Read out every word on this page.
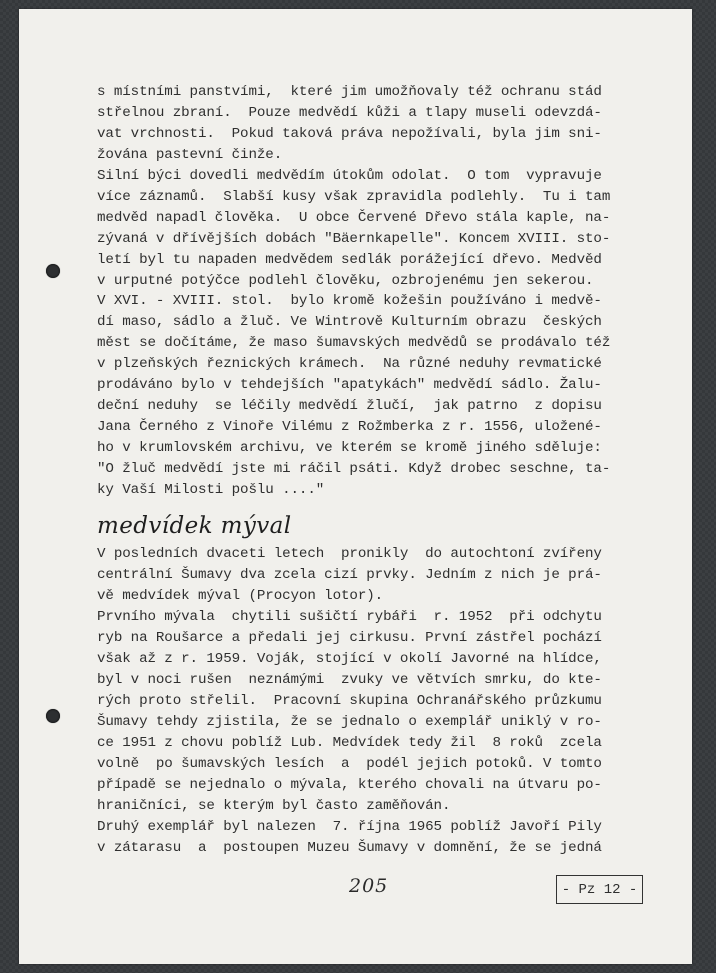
s místními panstvími,  které jim umožňovaly též ochranu stád
střelnou zbraní.  Pouze medvědí kůži a tlapy museli odevzdá-
vat vrchnosti.  Pokud taková práva nepožívali, byla jim sni-
žována pastevní činže.
Silní býci dovedli medvědím útokům odolat.  O tom  vypravuje
více záznamů.  Slabší kusy však zpravidla podlehly.  Tu i tam
medvěd napadl člověka.  U obce Červené Dřevo stála kaple, na-
zývaná v dřívějších dobách "Bäernkapelle". Koncem XVIII. sto-
letí byl tu napaden medvědem sedlák porážející dřevo. Medvěd
v urputné potýčce podlehl člověku, ozbrojenému jen sekerou.
V XVI. - XVIII. stol.  bylo kromě kožešin používáno i medvě-
dí maso, sádlo a žluč. Ve Wintrově Kulturním obrazu  českých
měst se dočítáme, že maso šumavských medvědů se prodávalo též
v plzeňských řeznických krámech.  Na různé neduhy revmatické
prodáváno bylo v tehdejších "apatykách" medvědí sádlo. Žalu-
deční neduhy  se léčily medvědí žlučí,  jak patrno  z dopisu
Jana Černého z Vinoře Vilému z Rožmberka z r. 1556, uložené-
ho v krumlovském archivu, ve kterém se kromě jiného sděluje:
"O žluč medvědí jste mi ráčil psáti. Když drobec seschne, ta-
ky Vaší Milosti pošlu ...."
medvídek mýval
V posledních dvaceti letech  pronikly  do autochtoní zvířeny
centrální Šumavy dva zcela cizí prvky. Jedním z nich je prá-
vě medvídek mýval (Procyon lotor).
Prvního mývala  chytili sušičtí rybáři  r. 1952  při odchytu
ryb na Roušarce a předali jej cirkusu. První zástřel pochází
však až z r. 1959. Voják, stojící v okolí Javorné na hlídce,
byl v noci rušen  neznámými  zvuky ve větvích smrku, do kte-
rých proto střelil.  Pracovní skupina Ochranářského průzkumu
Šumavy tehdy zjistila, že se jednalo o exemplář uniklý v ro-
ce 1951 z chovu poblíž Lub. Medvídek tedy žil  8 roků  zcela
volně  po šumavských lesích  a  podél jejich potoků. V tomto
případě se nejednalo o mývala, kterého chovali na útvaru po-
hraničníci, se kterým byl často zaměňován.
Druhý exemplář byl nalezen  7. října 1965 poblíž Javoří Pily
v zátarasu  a  postoupen Muzeu Šumavy v domnění, že se jedná
205	- Pz 12 -
